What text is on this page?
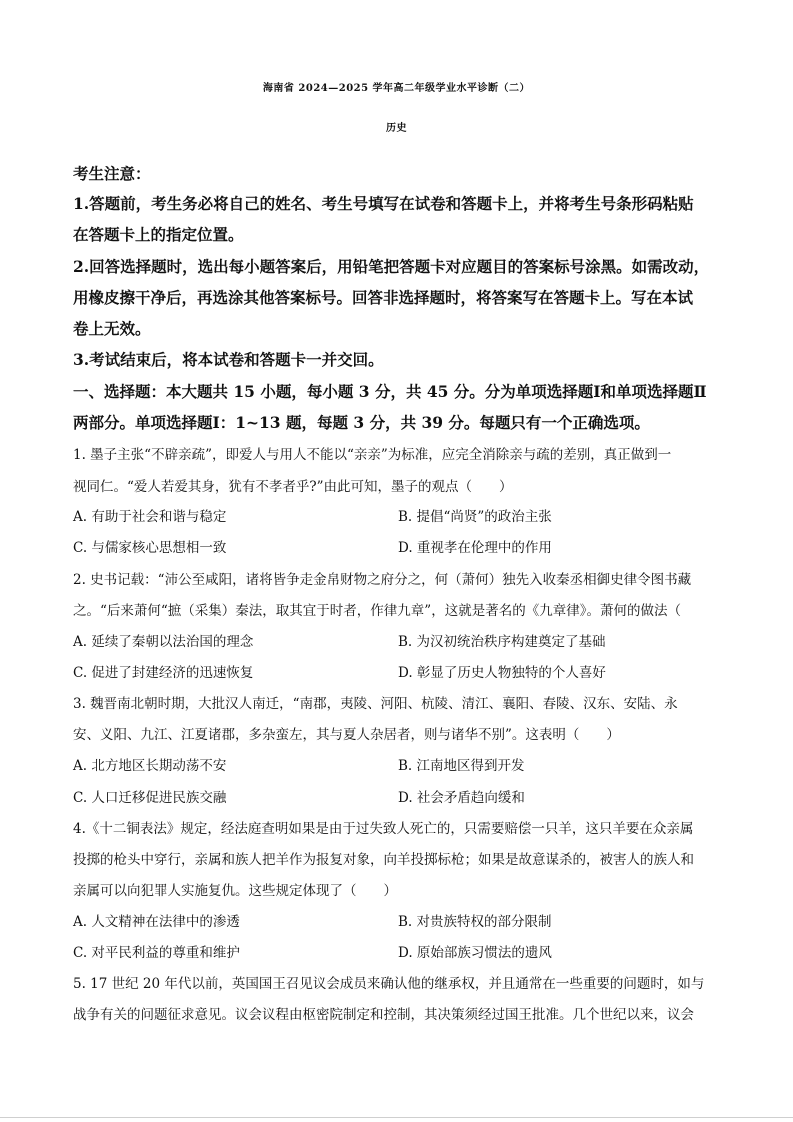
海南省 2024—2025 学年高二年级学业水平诊断（二）
历史
考生注意：
1.答题前，考生务必将自己的姓名、考生号填写在试卷和答题卡上，并将考生号条形码粘贴
在答题卡上的指定位置。
2.回答选择题时，选出每小题答案后，用铅笔把答题卡对应题目的答案标号涂黑。如需改动，
用橡皮擦干净后，再选涂其他答案标号。回答非选择题时，将答案写在答题卡上。写在本试
卷上无效。
3.考试结束后，将本试卷和答题卡一并交回。
一、选择题：本大题共 15 小题，每小题 3 分，共 45 分。分为单项选择题Ⅰ和单项选择题Ⅱ
两部分。单项选择题Ⅰ：1~13 题，每题 3 分，共 39 分。每题只有一个正确选项。
1. 墨子主张“不辟亲疏”，即爱人与用人不能以“亲亲”为标准，应完全消除亲与疏的差别，真正做到一
视同仁。“爱人若爱其身，犹有不孝者乎?”由此可知，墨子的观点（　　）
A. 有助于社会和谐与稳定	B. 提倡“尚贤”的政治主张
C. 与儒家核心思想相一致	D. 重视孝在伦理中的作用
2. 史书记载：“沛公至咸阳，诸将皆争走金帛财物之府分之，何（萧何）独先入收秦丞相御史律令图书藏
之。“后来萧何“摭（采集）秦法，取其宜于时者，作律九章”，这就是著名的《九章律》。萧何的做法（
A. 延续了秦朝以法治国的理念	B. 为汉初统治秩序构建奠定了基础
C. 促进了封建经济的迅速恢复	D. 彰显了历史人物独特的个人喜好
3. 魏晋南北朝时期，大批汉人南迁，“南郡，夷陵、河阳、杭陵、清江、襄阳、春陵、汉东、安陆、永
安、义阳、九江、江夏诸郡，多杂蛮左，其与夏人杂居者，则与诸华不别”。这表明（　　）
A. 北方地区长期动荡不安	B. 江南地区得到开发
C. 人口迁移促进民族交融	D. 社会矛盾趋向缓和
4.《十二铜表法》规定，经法庭查明如果是由于过失致人死亡的，只需要赔偿一只羊，这只羊要在众亲属
投掷的枪头中穿行，亲属和族人把羊作为报复对象，向羊投掷标枪；如果是故意谋杀的，被害人的族人和
亲属可以向犯罪人实施复仇。这些规定体现了（　　）
A. 人文精神在法律中的渗透	B. 对贵族特权的部分限制
C. 对平民利益的尊重和维护	D. 原始部族习惯法的遗风
5. 17 世纪 20 年代以前，英国国王召见议会成员来确认他的继承权，并且通常在一些重要的问题时，如与
战争有关的问题征求意见。议会议程由枢密院制定和控制，其决策须经过国王批准。几个世纪以来，议会
